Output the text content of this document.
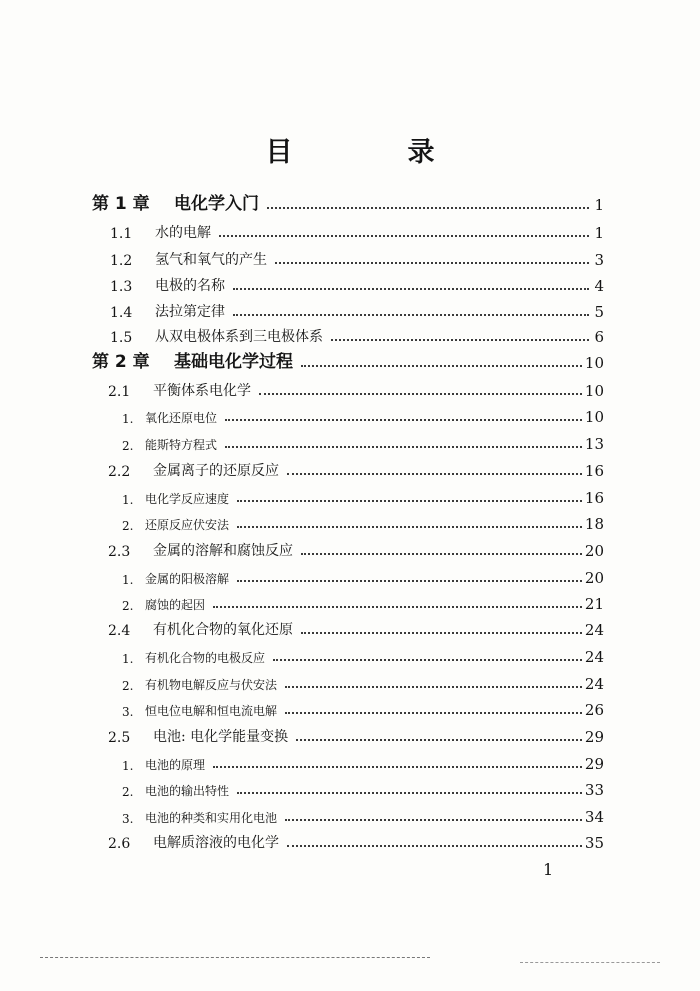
目　录
第 1 章	电化学入门	1
1.1	水的电解	1
1.2	氢气和氧气的产生	3
1.3	电极的名称	4
1.4	法拉第定律	5
1.5	从双电极体系到三电极体系	6
第 2 章	基础电化学过程	10
2.1	平衡体系电化学	10
1. 氧化还原电位	10
2. 能斯特方程式	13
2.2	金属离子的还原反应	16
1. 电化学反应速度	16
2. 还原反应伏安法	18
2.3	金属的溶解和腐蚀反应	20
1. 金属的阳极溶解	20
2. 腐蚀的起因	21
2.4	有机化合物的氧化还原	24
1. 有机化合物的电极反应	24
2. 有机物电解反应与伏安法	24
3. 恒电位电解和恒电流电解	26
2.5	电池: 电化学能量变换	29
1. 电池的原理	29
2. 电池的输出特性	33
3. 电池的种类和实用化电池	34
2.6	电解质溶液的电化学	35
1
